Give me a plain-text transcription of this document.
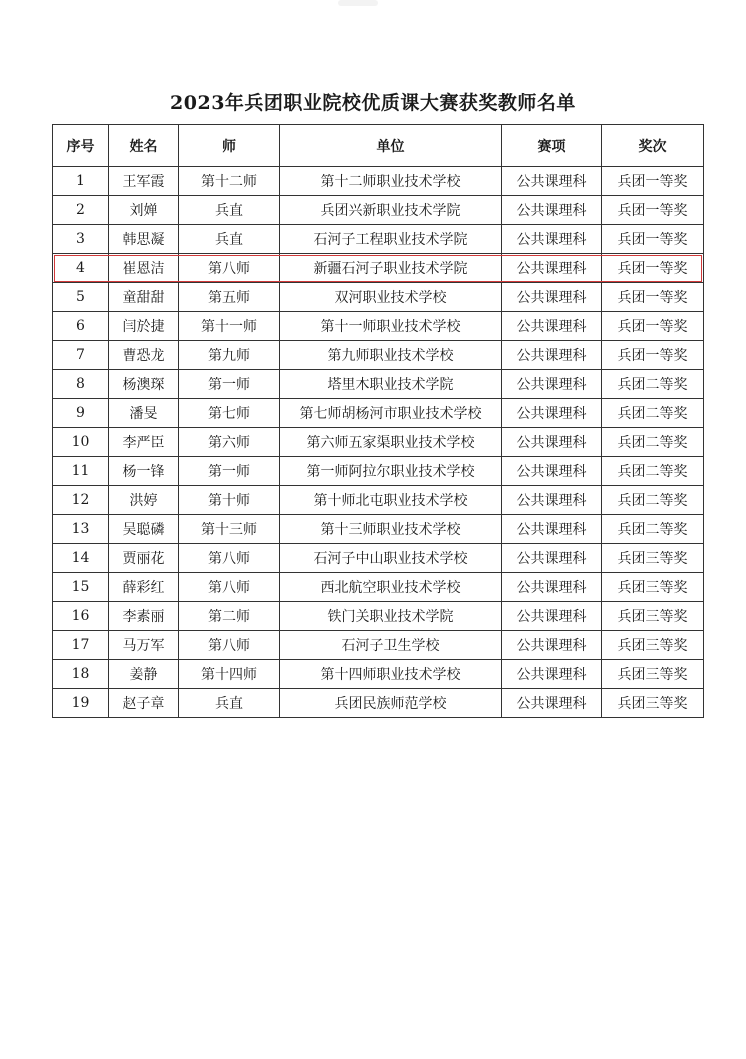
2023年兵团职业院校优质课大赛获奖教师名单
序号	姓名	师	单位	赛项	奖次
1	王军霞	第十二师	第十二师职业技术学校	公共课理科	兵团一等奖
2	刘婵	兵直	兵团兴新职业技术学院	公共课理科	兵团一等奖
3	韩思凝	兵直	石河子工程职业技术学院	公共课理科	兵团一等奖
4	崔恩洁	第八师	新疆石河子职业技术学院	公共课理科	兵团一等奖
5	童甜甜	第五师	双河职业技术学校	公共课理科	兵团一等奖
6	闫於捷	第十一师	第十一师职业技术学校	公共课理科	兵团一等奖
7	曹恐龙	第九师	第九师职业技术学校	公共课理科	兵团一等奖
8	杨澳琛	第一师	塔里木职业技术学院	公共课理科	兵团二等奖
9	潘旻	第七师	第七师胡杨河市职业技术学校	公共课理科	兵团二等奖
10	李严臣	第六师	第六师五家渠职业技术学校	公共课理科	兵团二等奖
11	杨一锋	第一师	第一师阿拉尔职业技术学校	公共课理科	兵团二等奖
12	洪婷	第十师	第十师北屯职业技术学校	公共课理科	兵团二等奖
13	吴聪磷	第十三师	第十三师职业技术学校	公共课理科	兵团二等奖
14	贾丽花	第八师	石河子中山职业技术学校	公共课理科	兵团三等奖
15	薛彩红	第八师	西北航空职业技术学校	公共课理科	兵团三等奖
16	李素丽	第二师	铁门关职业技术学院	公共课理科	兵团三等奖
17	马万军	第八师	石河子卫生学校	公共课理科	兵团三等奖
18	姜静	第十四师	第十四师职业技术学校	公共课理科	兵团三等奖
19	赵子章	兵直	兵团民族师范学校	公共课理科	兵团三等奖
